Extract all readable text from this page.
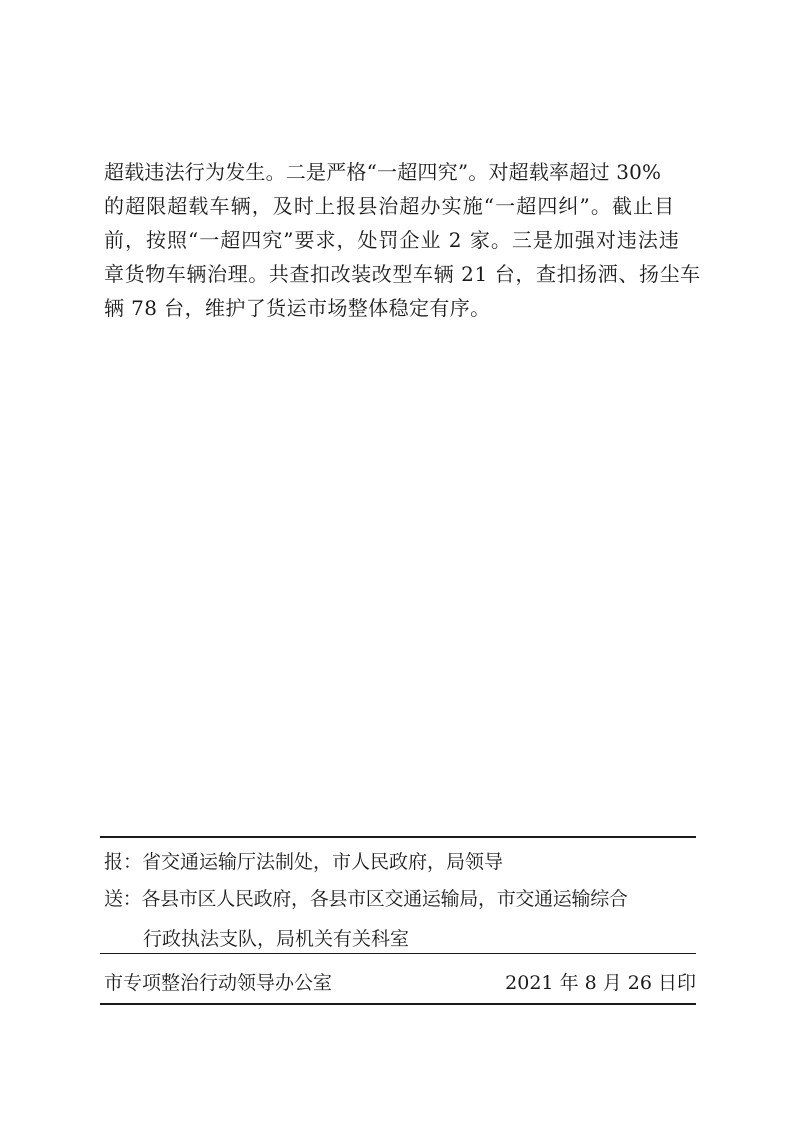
超载违法行为发生。二是严格“一超四究”。对超载率超过 30%
的超限超载车辆，及时上报县治超办实施“一超四纠”。截止目
前，按照“一超四究”要求，处罚企业 2 家。三是加强对违法违
章货物车辆治理。共查扣改装改型车辆 21 台，查扣扬洒、扬尘车
辆 78 台，维护了货运市场整体稳定有序。
报：省交通运输厅法制处，市人民政府，局领导
送：各县市区人民政府，各县市区交通运输局，市交通运输综合
行政执法支队，局机关有关科室
市专项整治行动领导办公室	2021 年 8 月 26 日印
